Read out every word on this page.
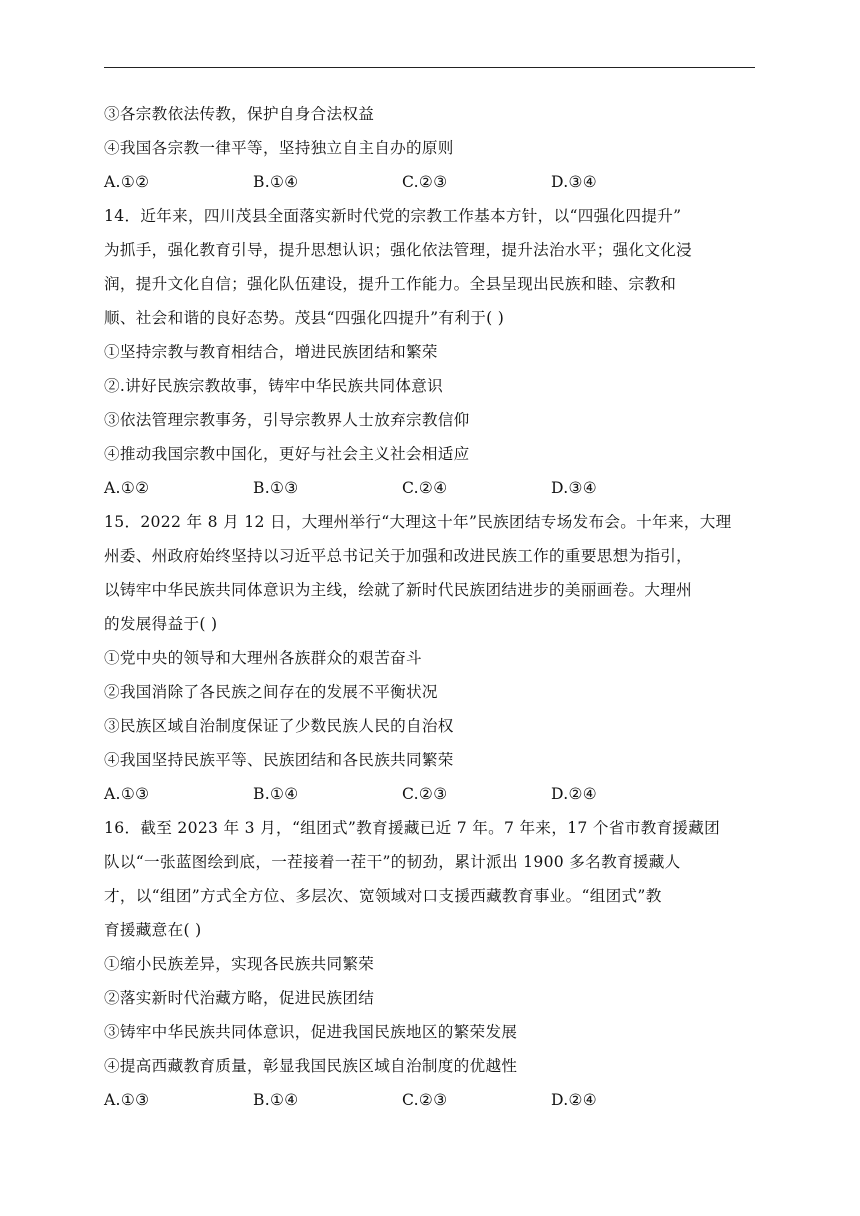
③各宗教依法传教，保护自身合法权益
④我国各宗教一律平等，坚持独立自主自办的原则
A.①②	B.①④	C.②③	D.③④
14．近年来，四川茂县全面落实新时代党的宗教工作基本方针，以“四强化四提升”
为抓手，强化教育引导，提升思想认识；强化依法管理，提升法治水平；强化文化浸
润，提升文化自信；强化队伍建设，提升工作能力。全县呈现出民族和睦、宗教和
顺、社会和谐的良好态势。茂县“四强化四提升”有利于( )
①坚持宗教与教育相结合，增进民族团结和繁荣
②.讲好民族宗教故事，铸牢中华民族共同体意识
③依法管理宗教事务，引导宗教界人士放弃宗教信仰
④推动我国宗教中国化，更好与社会主义社会相适应
A.①②	B.①③	C.②④	D.③④
15．2022 年 8 月 12 日，大理州举行“大理这十年”民族团结专场发布会。十年来，大理
州委、州政府始终坚持以习近平总书记关于加强和改进民族工作的重要思想为指引，
以铸牢中华民族共同体意识为主线，绘就了新时代民族团结进步的美丽画卷。大理州
的发展得益于( )
①党中央的领导和大理州各族群众的艰苦奋斗
②我国消除了各民族之间存在的发展不平衡状况
③民族区域自治制度保证了少数民族人民的自治权
④我国坚持民族平等、民族团结和各民族共同繁荣
A.①③	B.①④	C.②③	D.②④
16．截至 2023 年 3 月，“组团式”教育援藏已近 7 年。7 年来，17 个省市教育援藏团
队以“一张蓝图绘到底，一茬接着一茬干”的韧劲，累计派出 1900 多名教育援藏人
才，以“组团”方式全方位、多层次、宽领域对口支援西藏教育事业。“组团式”教
育援藏意在( )
①缩小民族差异，实现各民族共同繁荣
②落实新时代治藏方略，促进民族团结
③铸牢中华民族共同体意识，促进我国民族地区的繁荣发展
④提高西藏教育质量，彰显我国民族区域自治制度的优越性
A.①③	B.①④	C.②③	D.②④
